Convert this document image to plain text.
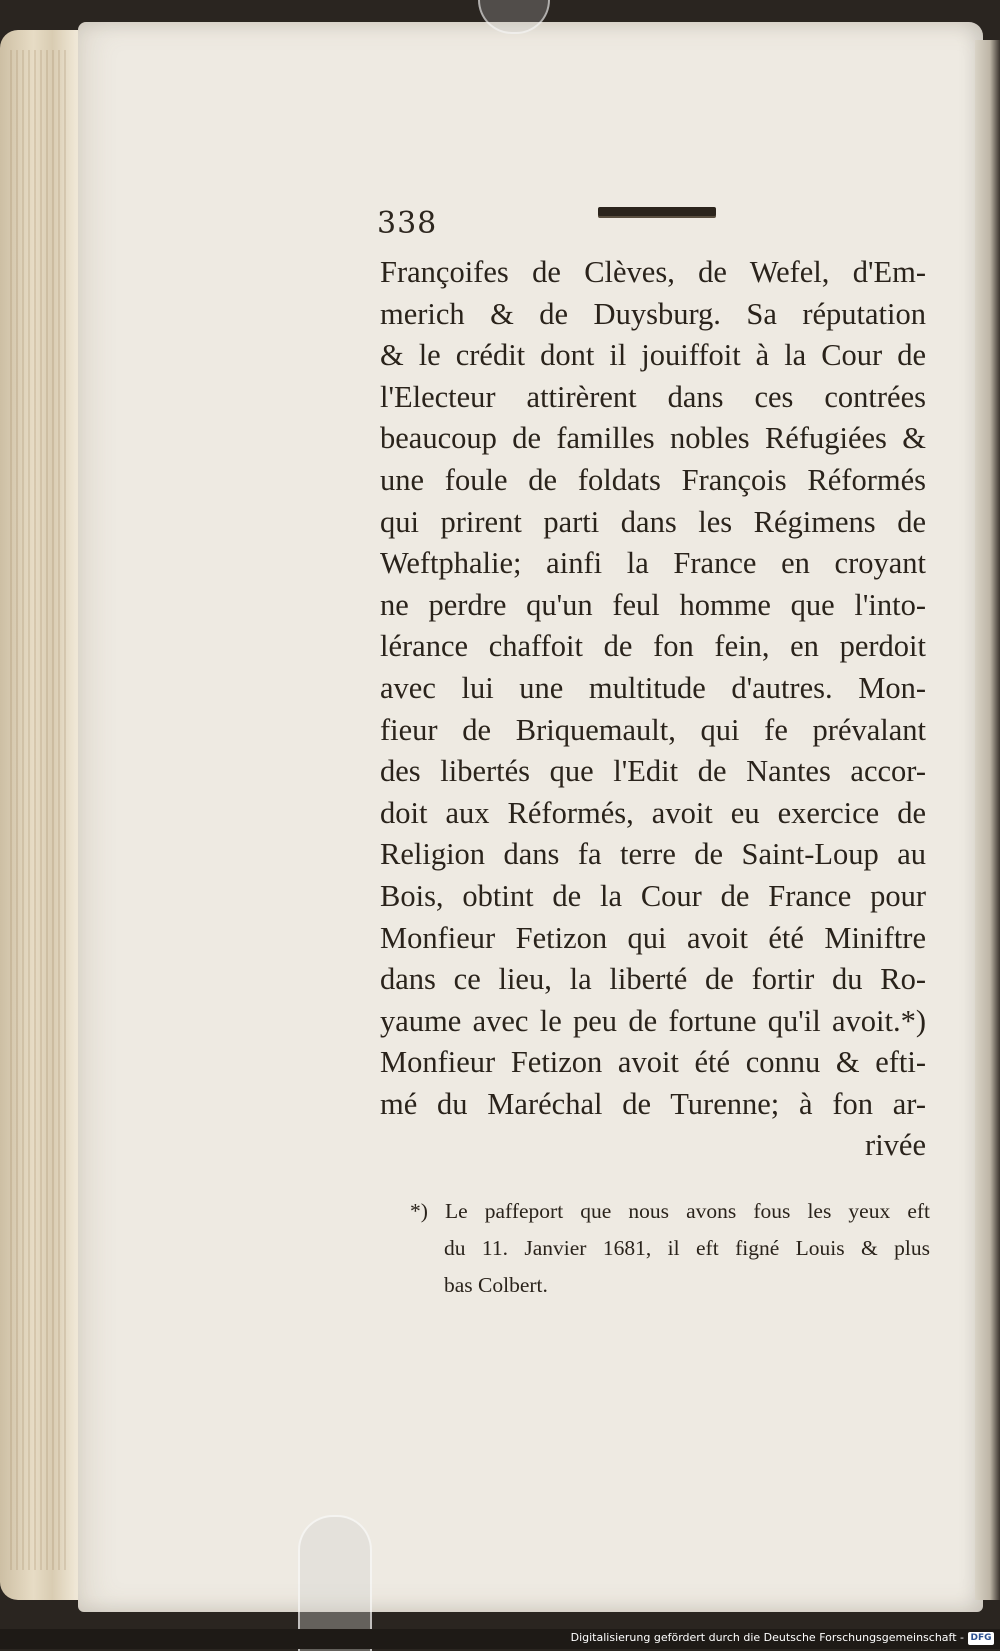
338
Françoifes de Clèves, de Wefel, d'Em-
merich & de Duysburg. Sa réputation
& le crédit dont il jouiffoit à la Cour de
l'Electeur attirèrent dans ces contrées
beaucoup de familles nobles Réfugiées &
une foule de foldats François Réformés
qui prirent parti dans les Régimens de
Weftphalie; ainfi la France en croyant
ne perdre qu'un feul homme que l'into-
lérance chaffoit de fon fein, en perdoit
avec lui une multitude d'autres. Mon-
fieur de Briquemault, qui fe prévalant
des libertés que l'Edit de Nantes accor-
doit aux Réformés, avoit eu exercice de
Religion dans fa terre de Saint-Loup au
Bois, obtint de la Cour de France pour
Monfieur Fetizon qui avoit été Miniftre
dans ce lieu, la liberté de fortir du Ro-
yaume avec le peu de fortune qu'il avoit.*)
Monfieur Fetizon avoit été connu & efti-
mé du Maréchal de Turenne; à fon ar-
rivée
*) Le paffeport que nous avons fous les yeux eft
du 11. Janvier 1681, il eft figné Louis & plus
bas Colbert.
Digitalisierung gefördert durch die Deutsche Forschungsgemeinschaft - DFG
